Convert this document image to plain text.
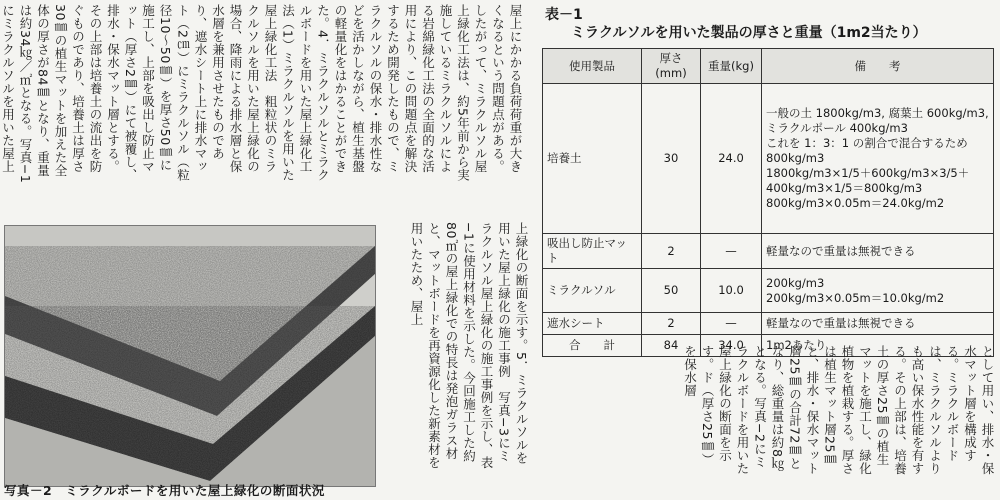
屋上にかかる負荷荷重が大きくなるという問題点がある。したがって、ミラクルソル屋上緑化工法は、約5年前から実施しているミラクルソルによる岩綿緑化工法の全面的な活用により、この問題点を解決するため開発したもので、ミラクルソルの保水・排水性などを活かしながら、植生基盤の軽量化をはかることができた。4．ミラクルソルとミラクルボードを用いた屋上緑化工法（1）ミラクルソルを用いた屋上緑化工法　粗粒状のミラクルソルを用いた屋上緑化の場合、降雨による排水層と保水層を兼用させたものであり、遮水シート上に排水マット（2㎝）にミラクルソル（粒径10～50㎜）を厚さ50㎜に施工し、上部を吸出し防止マット（厚さ2㎜）にて被覆し、排水・保水マット層とする。その上部は培養土の流出を防ぐものであり、培養土は厚さ30㎜の植生マットを加えた全体の厚さが84㎜となり、重量は約34㎏／㎡となる。写真−1にミラクルソルを用いた屋上　
写真－2　ミラクルボードを用いた屋上緑化の断面状況
上緑化の断面を示す。5．ミラクルソルを用いた屋上緑化の施工事例　写真−3にミラクルソル屋上緑化の施工事例を示し、表−1に使用材料を示した。今回施工した約80㎡の屋上緑化での特長は発泡ガラス材と、マットボードを再資源化した新素材を用いたため、屋上
表－1
ミラクルソルを用いた製品の厚さと重量（1m2当たり）
使用製品	厚さ(mm)	重量(kg)	備　　考
培養土	30	24.0	一般の土 1800kg/m3, 腐葉土 600kg/m3, ミラクルポール 400kg/m3
これを 1：3：1 の割合で混合するため 800kg/m3
1800kg/m3×1/5＋600kg/m3×3/5＋400kg/m3×1/5＝800kg/m3
800kg/m3×0.05m＝24.0kg/m2

吸出し防止マット	2	—	軽量なので重量は無視できる
ミラクルソル	50	10.0	200kg/m3
200kg/m3×0.05m＝10.0kg/m2

遮水シート	2	—	軽量なので重量は無視できる
合　　計	84	34.0	1m2あたり	として用い、排水・保水マット層を構成する。ミラクルボードは、ミラクルソルよりも高い保水性能を有する。その上部は、培養土の厚さ25㎜の植生マットを施工し、緑化植物を植栽する。厚さは植生マット層25㎜と、排水・保水マット層25㎜の合計72㎜となり、総重量は約8㎏となる。写真−2にミラクルボードを用いた屋上緑化の断面を示す。ド（厚さ25㎜）を保水層
